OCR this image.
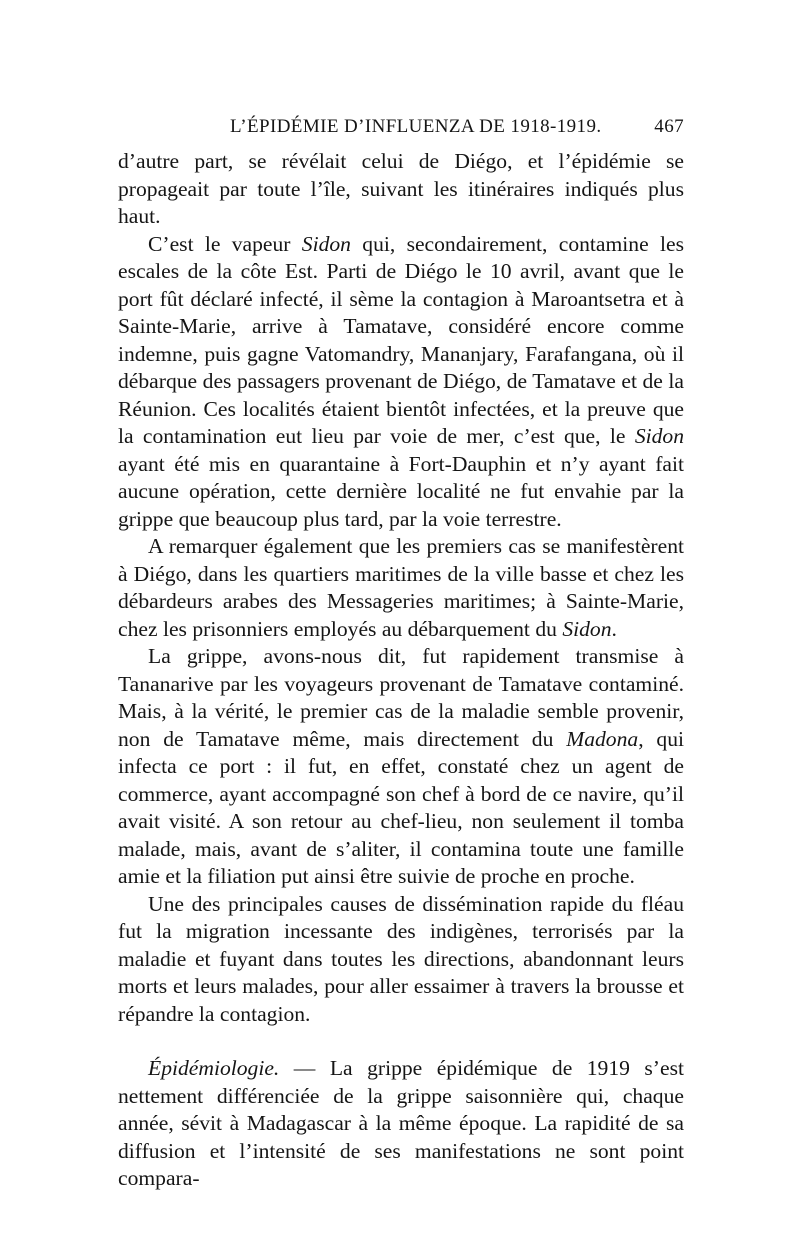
L’ÉPIDÉMIE D’INFLUENZA DE 1918-1919.	467

d’autre part, se révélait celui de Diégo, et l’épidémie se propageait par toute l’île, suivant les itinéraires indiqués plus haut.

C’est le vapeur Sidon qui, secondairement, contamine les escales de la côte Est. Parti de Diégo le 10 avril, avant que le port fût déclaré infecté, il sème la contagion à Maroantsetra et à Sainte-Marie, arrive à Tamatave, considéré encore comme indemne, puis gagne Vatomandry, Mananjary, Farafangana, où il débarque des passagers provenant de Diégo, de Tamatave et de la Réunion. Ces localités étaient bientôt infectées, et la preuve que la contamination eut lieu par voie de mer, c’est que, le Sidon ayant été mis en quarantaine à Fort-Dauphin et n’y ayant fait aucune opération, cette dernière localité ne fut envahie par la grippe que beaucoup plus tard, par la voie terrestre.

A remarquer également que les premiers cas se manifestèrent à Diégo, dans les quartiers maritimes de la ville basse et chez les débardeurs arabes des Messageries maritimes; à Sainte-Marie, chez les prisonniers employés au débarquement du Sidon.

La grippe, avons-nous dit, fut rapidement transmise à Tananarive par les voyageurs provenant de Tamatave contaminé. Mais, à la vérité, le premier cas de la maladie semble provenir, non de Tamatave même, mais directement du Madona, qui infecta ce port : il fut, en effet, constaté chez un agent de commerce, ayant accompagné son chef à bord de ce navire, qu’il avait visité. A son retour au chef-lieu, non seulement il tomba malade, mais, avant de s’aliter, il contamina toute une famille amie et la filiation put ainsi être suivie de proche en proche.

Une des principales causes de dissémination rapide du fléau fut la migration incessante des indigènes, terrorisés par la maladie et fuyant dans toutes les directions, abandonnant leurs morts et leurs malades, pour aller essaimer à travers la brousse et répandre la contagion.

Épidémiologie. — La grippe épidémique de 1919 s’est nettement différenciée de la grippe saisonnière qui, chaque année, sévit à Madagascar à la même époque. La rapidité de sa diffusion et l’intensité de ses manifestations ne sont point compara-
